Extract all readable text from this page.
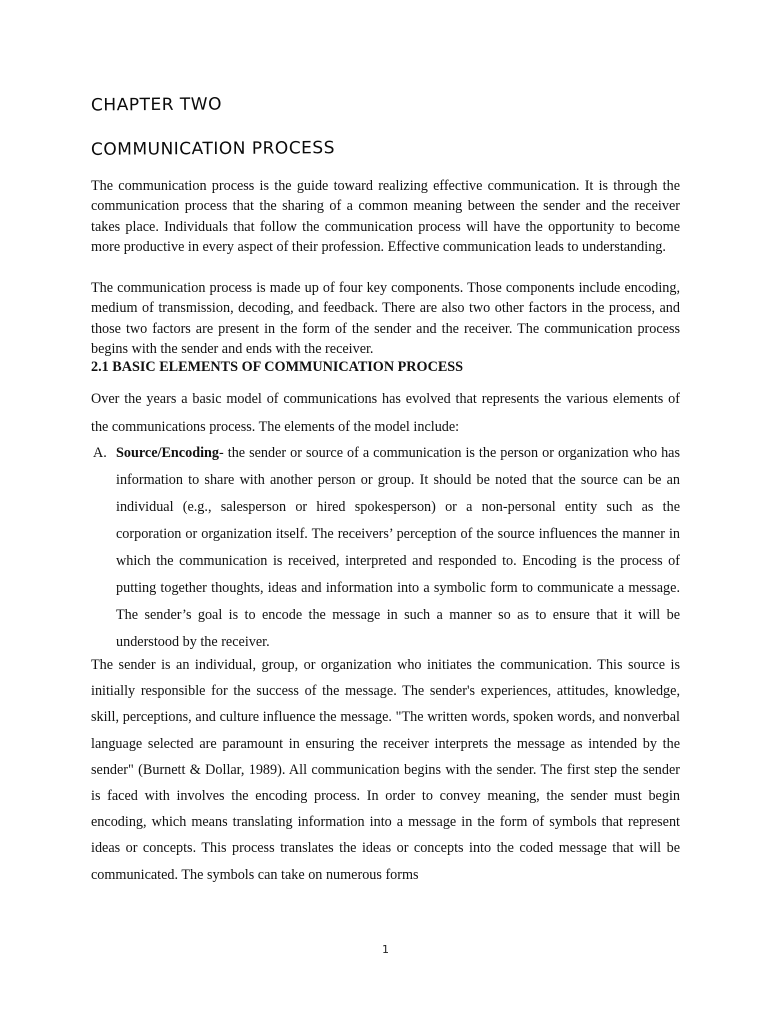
CHAPTER TWO
COMMUNICATION PROCESS

The communication process is the guide toward realizing effective communication. It is through the communication process that the sharing of a common meaning between the sender and the receiver takes place. Individuals that follow the communication process will have the opportunity to become more productive in every aspect of their profession. Effective communication leads to understanding.

The communication process is made up of four key components. Those components include encoding, medium of transmission, decoding, and feedback. There are also two other factors in the process, and those two factors are present in the form of the sender and the receiver. The communication process begins with the sender and ends with the receiver.

2.1 BASIC ELEMENTS OF COMMUNICATION PROCESS

Over the years a basic model of communications has evolved that represents the various elements of the communications process. The elements of the model include:

A. Source/Encoding- the sender or source of a communication is the person or organization who has information to share with another person or group. It should be noted that the source can be an individual (e.g., salesperson or hired spokesperson) or a non-personal entity such as the corporation or organization itself. The receivers’ perception of the source influences the manner in which the communication is received, interpreted and responded to. Encoding is the process of putting together thoughts, ideas and information into a symbolic form to communicate a message. The sender’s goal is to encode the message in such a manner so as to ensure that it will be understood by the receiver.

The sender is an individual, group, or organization who initiates the communication. This source is initially responsible for the success of the message. The sender's experiences, attitudes, knowledge, skill, perceptions, and culture influence the message. "The written words, spoken words, and nonverbal language selected are paramount in ensuring the receiver interprets the message as intended by the sender" (Burnett & Dollar, 1989). All communication begins with the sender. The first step the sender is faced with involves the encoding process. In order to convey meaning, the sender must begin encoding, which means translating information into a message in the form of symbols that represent ideas or concepts. This process translates the ideas or concepts into the coded message that will be communicated. The symbols can take on numerous forms

1
